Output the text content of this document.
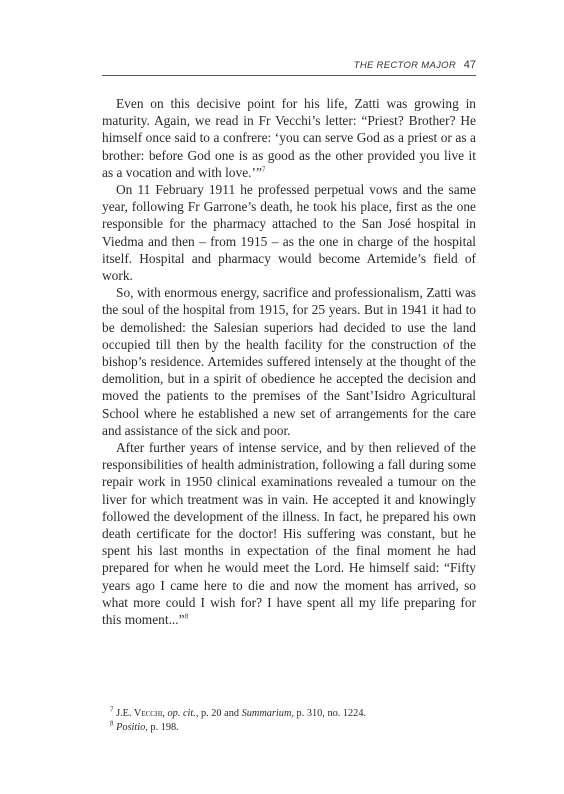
THE RECTOR MAJOR 47

Even on this decisive point for his life, Zatti was growing in maturity. Again, we read in Fr Vecchi’s letter: “Priest? Brother? He himself once said to a confrere: ‘you can serve God as a priest or as a brother: before God one is as good as the other provided you live it as a vocation and with love.’”$^7$

On 11 February 1911 he professed perpetual vows and the same year, following Fr Garrone’s death, he took his place, first as the one responsible for the pharmacy attached to the San José hospital in Viedma and then – from 1915 – as the one in charge of the hospital itself. Hospital and pharmacy would become Artemide’s field of work.

So, with enormous energy, sacrifice and professionalism, Zatti was the soul of the hospital from 1915, for 25 years. But in 1941 it had to be demolished: the Salesian superiors had decided to use the land occupied till then by the health facility for the construction of the bishop’s residence. Artemides suffered intensely at the thought of the demolition, but in a spirit of obedience he accepted the decision and moved the patients to the premises of the Sant’Isidro Agricultural School where he established a new set of arrangements for the care and assistance of the sick and poor.

After further years of intense service, and by then relieved of the responsibilities of health administration, following a fall during some repair work in 1950 clinical examinations revealed a tumour on the liver for which treatment was in vain. He accepted it and knowingly followed the development of the illness. In fact, he prepared his own death certificate for the doctor! His suffering was constant, but he spent his last months in expectation of the final moment he had prepared for when he would meet the Lord. He himself said: “Fifty years ago I came here to die and now the moment has arrived, so what more could I wish for? I have spent all my life preparing for this moment...”$^8$

$^7$ J.E. Vecchi, op. cit., p. 20 and Summarium, p. 310, no. 1224.

$^8$ Positio, p. 198.
